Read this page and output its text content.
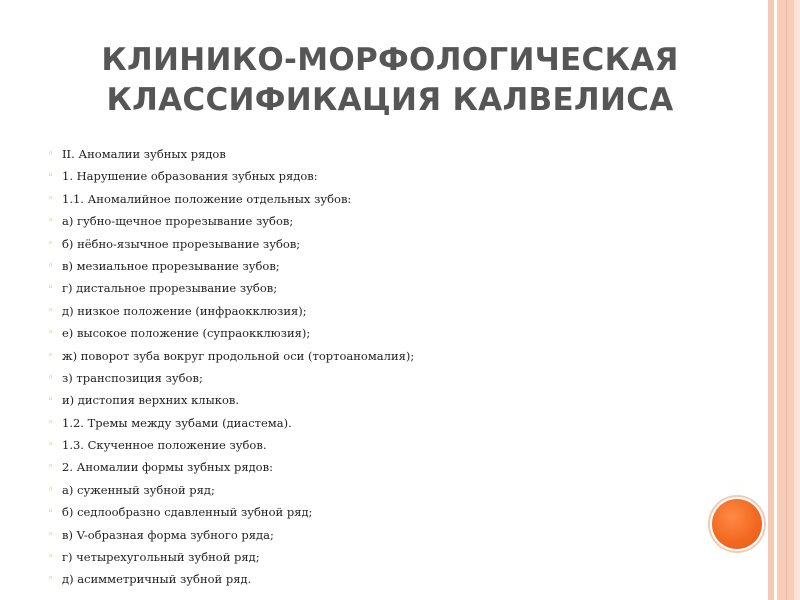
КЛИНИКО-МОРФОЛОГИЧЕСКАЯ
КЛАССИФИКАЦИЯ КАЛВЕЛИСА
◦ II. Аномалии зубных рядов
◦ 1. Нарушение образования зубных рядов:
◦ 1.1. Аномалийное положение отдельных зубов:
◦ а) губно-щечное прорезывание зубов;
◦ б) нёбно-язычное прорезывание зубов;
◦ в) мезиальное прорезывание зубов;
◦ г) дистальное прорезывание зубов;
◦ д) низкое положение (инфраокклюзия);
◦ е) высокое положение (супраокклюзия);
◦ ж) поворот зуба вокруг продольной оси (тортоаномалия);
◦ з) транспозиция зубов;
◦ и) дистопия верхних клыков.
◦ 1.2. Тремы между зубами (диастема).
◦ 1.3. Скученное положение зубов.
◦ 2. Аномалии формы зубных рядов:
◦ а) суженный зубной ряд;
◦ б) седлообразно сдавленный зубной ряд;
◦ в) V-образная форма зубного ряда;
◦ г) четырехугольный зубной ряд;
◦ д) асимметричный зубной ряд.
